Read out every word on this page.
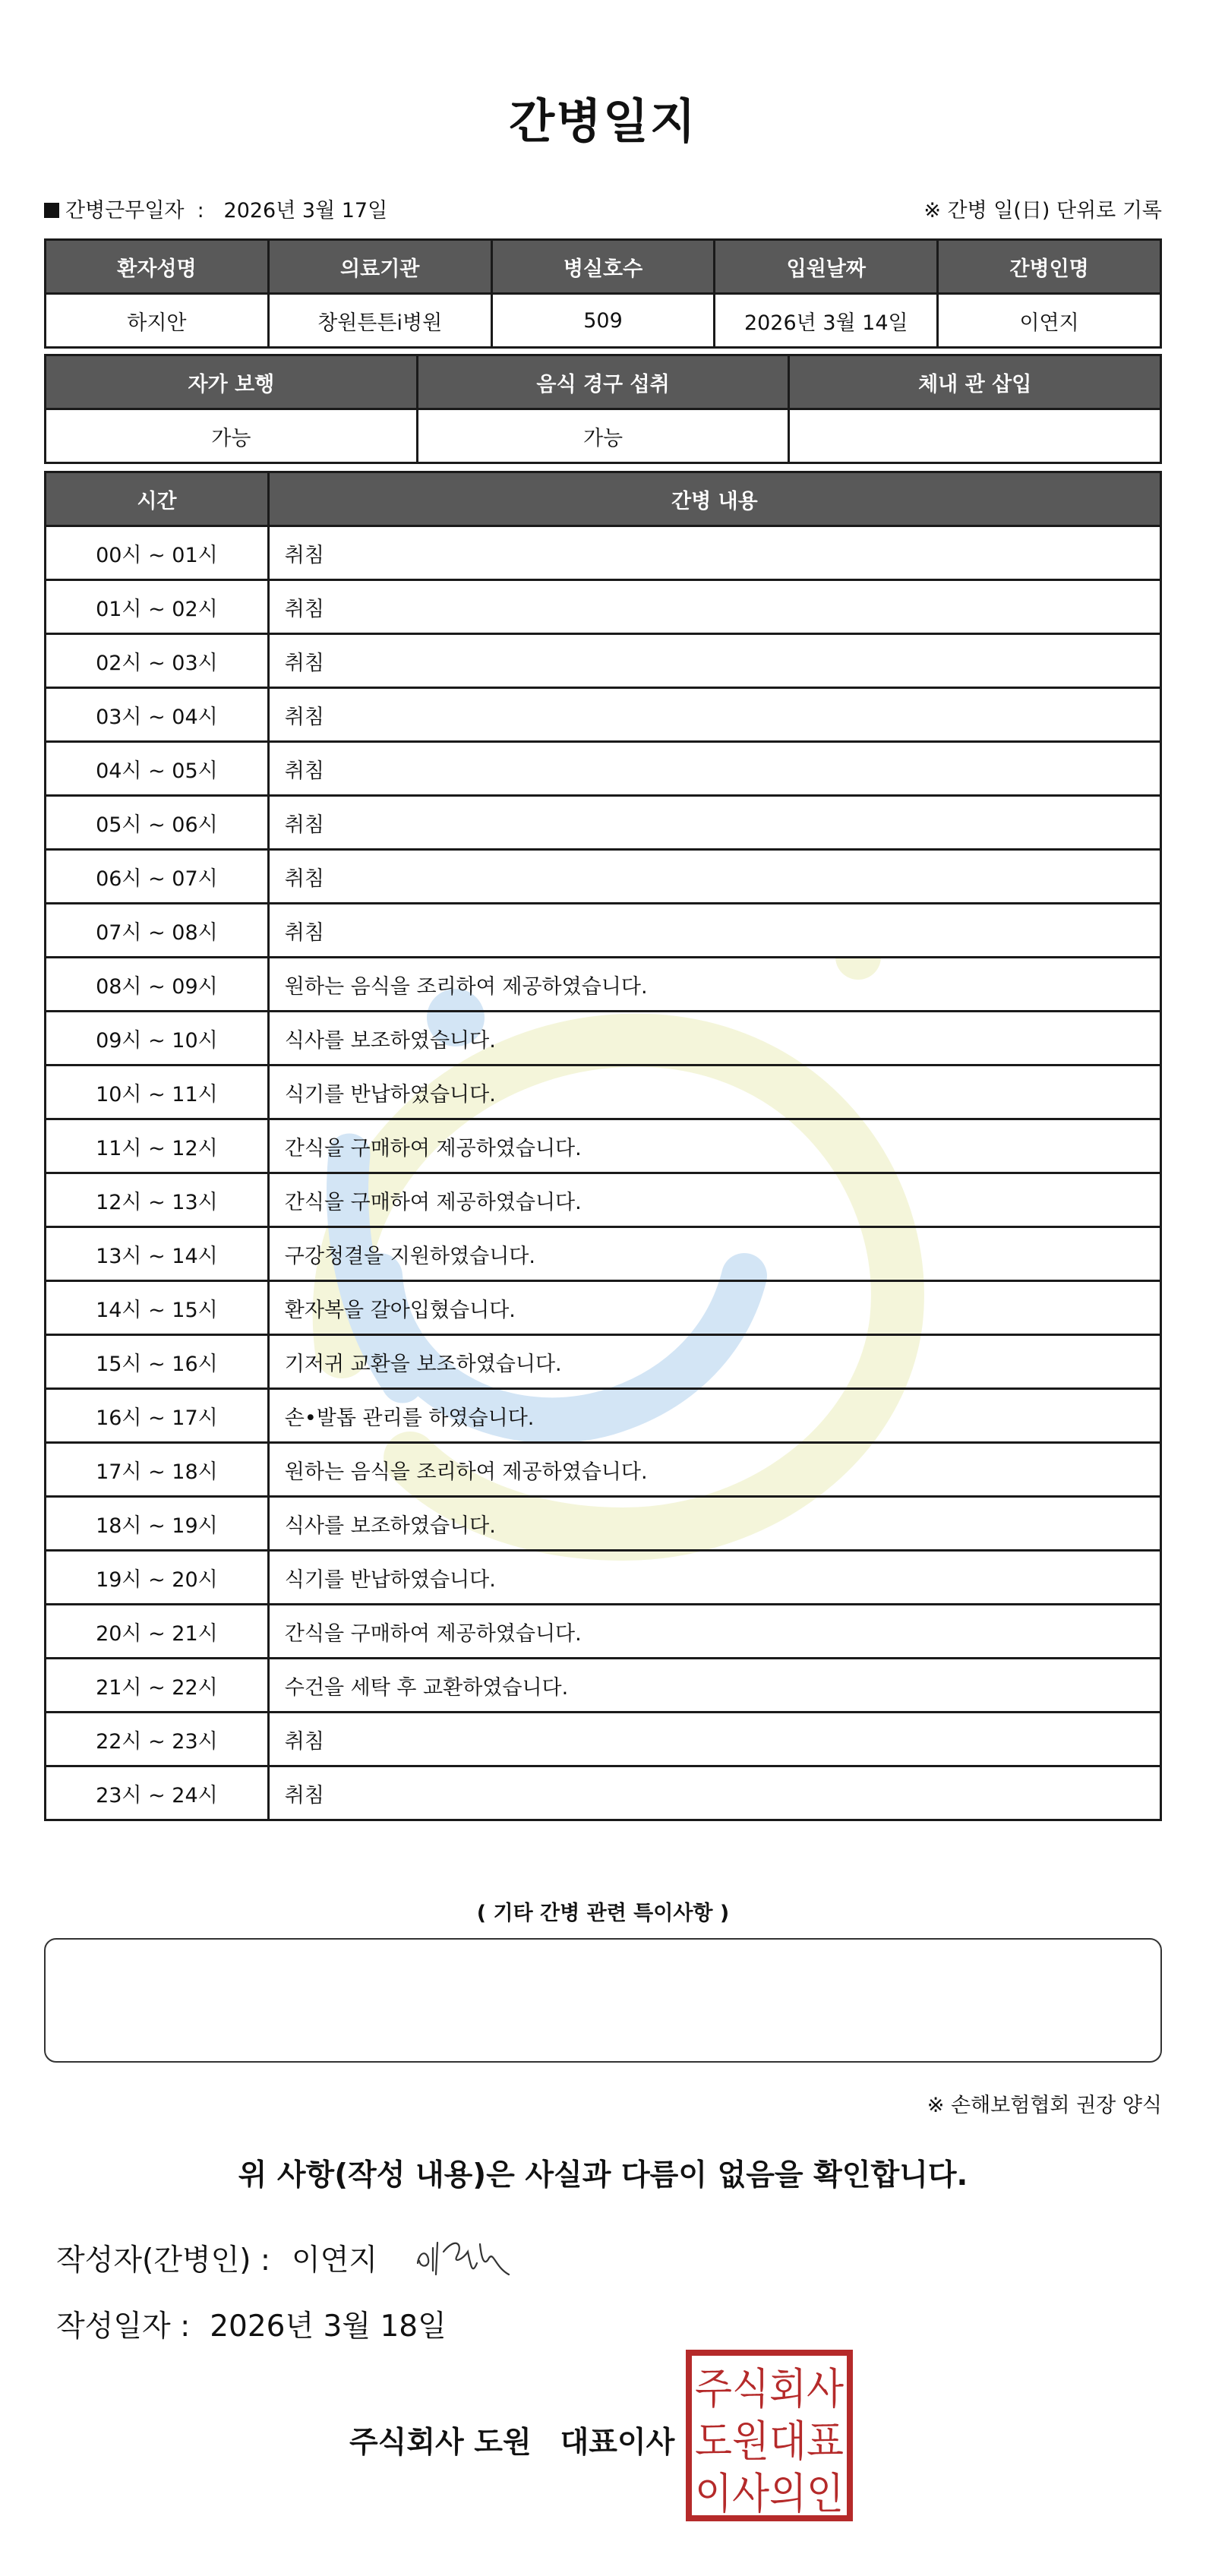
간병일지
간병근무일자  :   2026년 3월 17일	※ 간병 일(日) 단위로 기록
환자성명	의료기관	병실호수	입원날짜	간병인명
하지안	창원튼튼i병원	509	2026년 3월 14일	이연지
자가 보행	음식 경구 섭취	체내 관 삽입
가능	가능	
시간	간병 내용
00시 ~ 01시	취침
01시 ~ 02시	취침
02시 ~ 03시	취침
03시 ~ 04시	취침
04시 ~ 05시	취침
05시 ~ 06시	취침
06시 ~ 07시	취침
07시 ~ 08시	취침
08시 ~ 09시	원하는 음식을 조리하여 제공하였습니다.
09시 ~ 10시	식사를 보조하였습니다.
10시 ~ 11시	식기를 반납하였습니다.
11시 ~ 12시	간식을 구매하여 제공하였습니다.
12시 ~ 13시	간식을 구매하여 제공하였습니다.
13시 ~ 14시	구강청결을 지원하였습니다.
14시 ~ 15시	환자복을 갈아입혔습니다.
15시 ~ 16시	기저귀 교환을 보조하였습니다.
16시 ~ 17시	손•발톱 관리를 하였습니다.
17시 ~ 18시	원하는 음식을 조리하여 제공하였습니다.
18시 ~ 19시	식사를 보조하였습니다.
19시 ~ 20시	식기를 반납하였습니다.
20시 ~ 21시	간식을 구매하여 제공하였습니다.
21시 ~ 22시	수건을 세탁 후 교환하였습니다.
22시 ~ 23시	취침
23시 ~ 24시	취침
( 기타 간병 관련 특이사항 )
※ 손해보험협회 권장 양식
위 사항(작성 내용)은 사실과 다름이 없음을 확인합니다.
작성자(간병인) : 이연지
작성일자 : 2026년 3월 18일
주식회사 도원 대표이사
주식회사
도원대표
이사의인
